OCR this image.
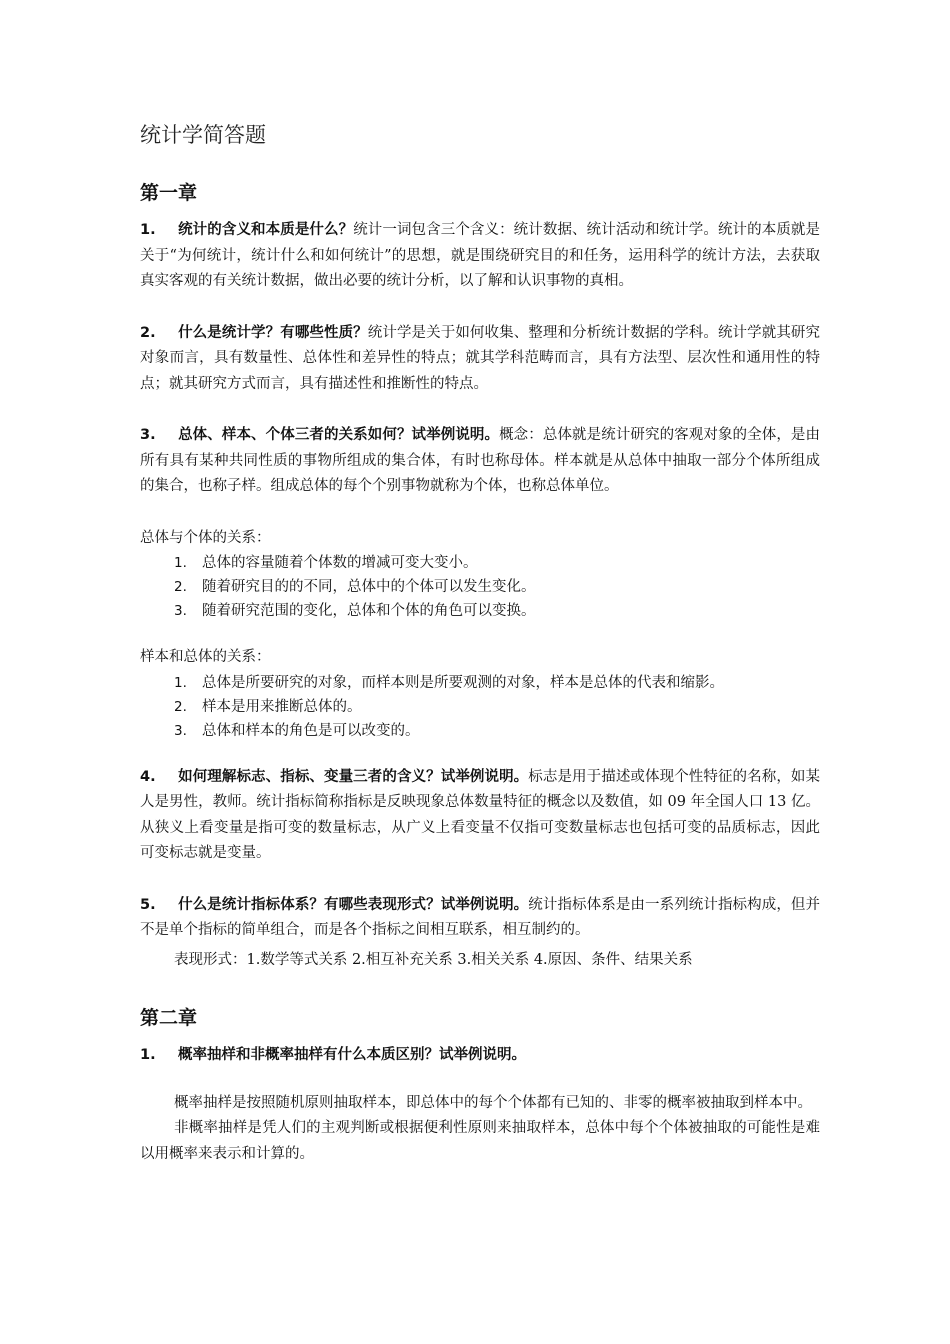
统计学简答题
第一章

1. 统计的含义和本质是什么？统计一词包含三个含义：统计数据、统计活动和统计学。统计的本质就是关于“为何统计，统计什么和如何统计”的思想，就是围绕研究目的和任务，运用科学的统计方法，去获取真实客观的有关统计数据，做出必要的统计分析，以了解和认识事物的真相。

2. 什么是统计学？有哪些性质？统计学是关于如何收集、整理和分析统计数据的学科。统计学就其研究对象而言，具有数量性、总体性和差异性的特点；就其学科范畴而言，具有方法型、层次性和通用性的特点；就其研究方式而言，具有描述性和推断性的特点。

3. 总体、样本、个体三者的关系如何？试举例说明。概念：总体就是统计研究的客观对象的全体，是由所有具有某种共同性质的事物所组成的集合体，有时也称母体。样本就是从总体中抽取一部分个体所组成的集合，也称子样。组成总体的每个个别事物就称为个体，也称总体单位。

总体与个体的关系：

1. 总体的容量随着个体数的增减可变大变小。
2. 随着研究目的的不同，总体中的个体可以发生变化。
3. 随着研究范围的变化，总体和个体的角色可以变换。

样本和总体的关系：

1. 总体是所要研究的对象，而样本则是所要观测的对象，样本是总体的代表和缩影。
2. 样本是用来推断总体的。
3. 总体和样本的角色是可以改变的。

4. 如何理解标志、指标、变量三者的含义？试举例说明。标志是用于描述或体现个性特征的名称，如某人是男性，教师。统计指标简称指标是反映现象总体数量特征的概念以及数值，如 09 年全国人口 13 亿。从狭义上看变量是指可变的数量标志，从广义上看变量不仅指可变数量标志也包括可变的品质标志，因此可变标志就是变量。

5. 什么是统计指标体系？有哪些表现形式？试举例说明。统计指标体系是由一系列统计指标构成，但并不是单个指标的简单组合，而是各个指标之间相互联系，相互制约的。

表现形式：1.数学等式关系 2.相互补充关系 3.相关关系 4.原因、条件、结果关系

第二章

1. 概率抽样和非概率抽样有什么本质区别？试举例说明。

概率抽样是按照随机原则抽取样本，即总体中的每个个体都有已知的、非零的概率被抽取到样本中。

非概率抽样是凭人们的主观判断或根据便利性原则来抽取样本，总体中每个个体被抽取的可能性是难以用概率来表示和计算的。
